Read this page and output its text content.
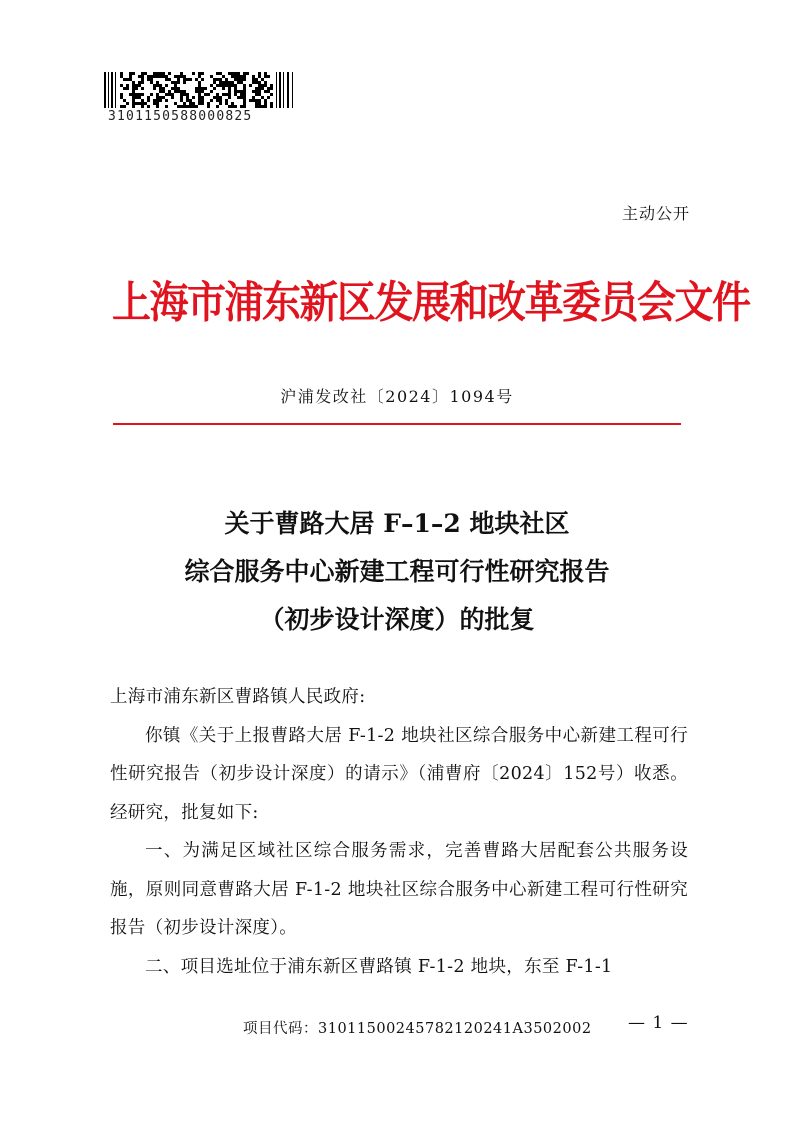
3101150588000825
主动公开
上海市浦东新区发展和改革委员会文件
沪浦发改社〔2024〕1094号
关于曹路大居 F–1–2 地块社区
综合服务中心新建工程可行性研究报告
（初步设计深度）的批复

上海市浦东新区曹路镇人民政府:

你镇《关于上报曹路大居 F-1-2 地块社区综合服务中心新建工程可行性研究报告（初步设计深度）的请示》（浦曹府〔2024〕152号）收悉。经研究，批复如下:

一、为满足区域社区综合服务需求，完善曹路大居配套公共服务设施，原则同意曹路大居 F-1-2 地块社区综合服务中心新建工程可行性研究报告（初步设计深度）。

二、项目选址位于浦东新区曹路镇 F-1-2 地块，东至 F-1-1

项目代码：31011500245782120241A3502002 — 1 —
